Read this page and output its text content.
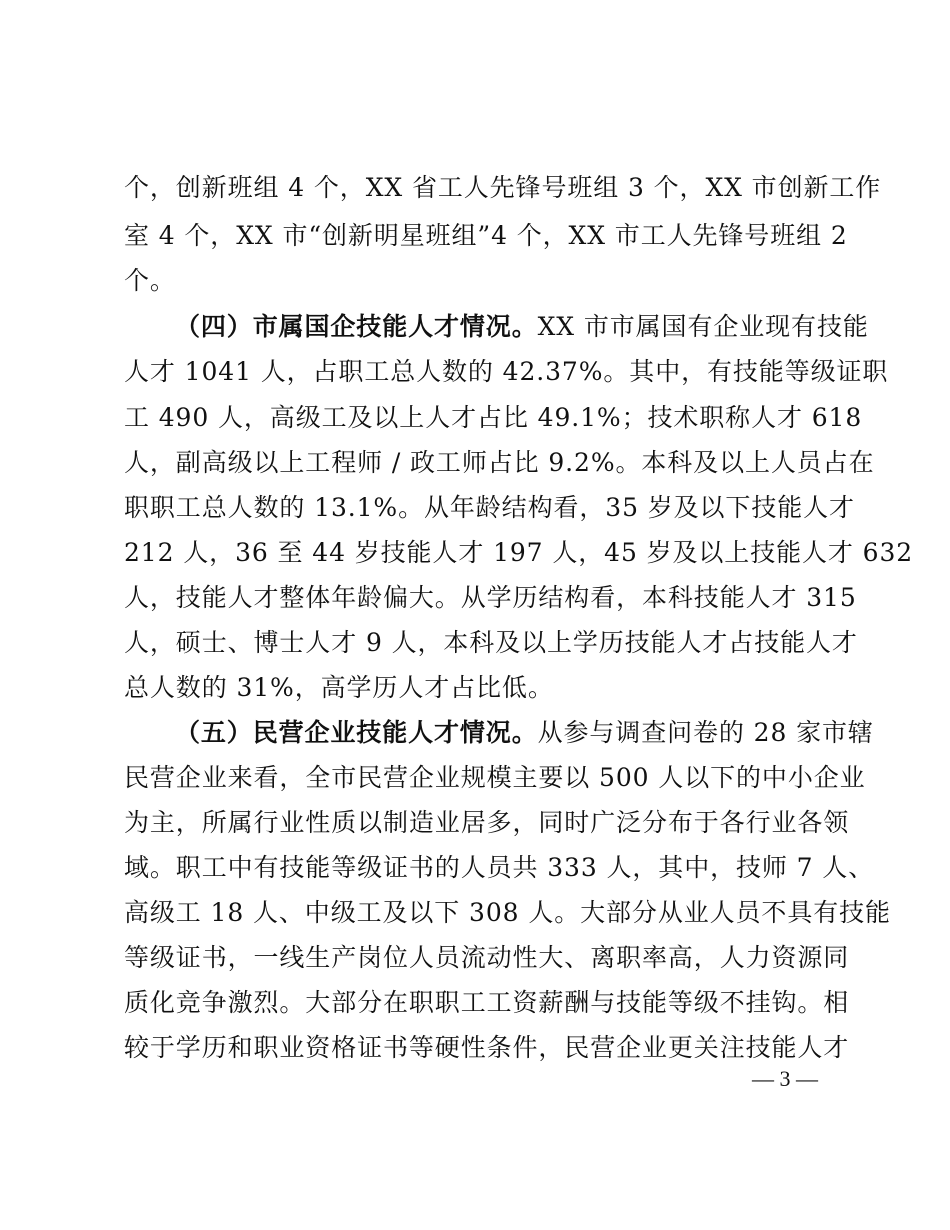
个，创新班组 4 个，XX 省工人先锋号班组 3 个，XX 市创新工作
室 4 个，XX 市“创新明星班组”4 个，XX 市工人先锋号班组 2
个。
（四）市属国企技能人才情况。XX 市市属国有企业现有技能
人才 1041 人，占职工总人数的 42.37%。其中，有技能等级证职
工 490 人，高级工及以上人才占比 49.1%；技术职称人才 618
人，副高级以上工程师 / 政工师占比 9.2%。本科及以上人员占在
职职工总人数的 13.1%。从年龄结构看，35 岁及以下技能人才
212 人，36 至 44 岁技能人才 197 人，45 岁及以上技能人才 632
人，技能人才整体年龄偏大。从学历结构看，本科技能人才 315
人，硕士、博士人才 9 人，本科及以上学历技能人才占技能人才
总人数的 31%，高学历人才占比低。
（五）民营企业技能人才情况。从参与调查问卷的 28 家市辖
民营企业来看，全市民营企业规模主要以 500 人以下的中小企业
为主，所属行业性质以制造业居多，同时广泛分布于各行业各领
域。职工中有技能等级证书的人员共 333 人，其中，技师 7 人、
高级工 18 人、中级工及以下 308 人。大部分从业人员不具有技能
等级证书，一线生产岗位人员流动性大、离职率高，人力资源同
质化竞争激烈。大部分在职职工工资薪酬与技能等级不挂钩。相
较于学历和职业资格证书等硬性条件，民营企业更关注技能人才
— 3 —
